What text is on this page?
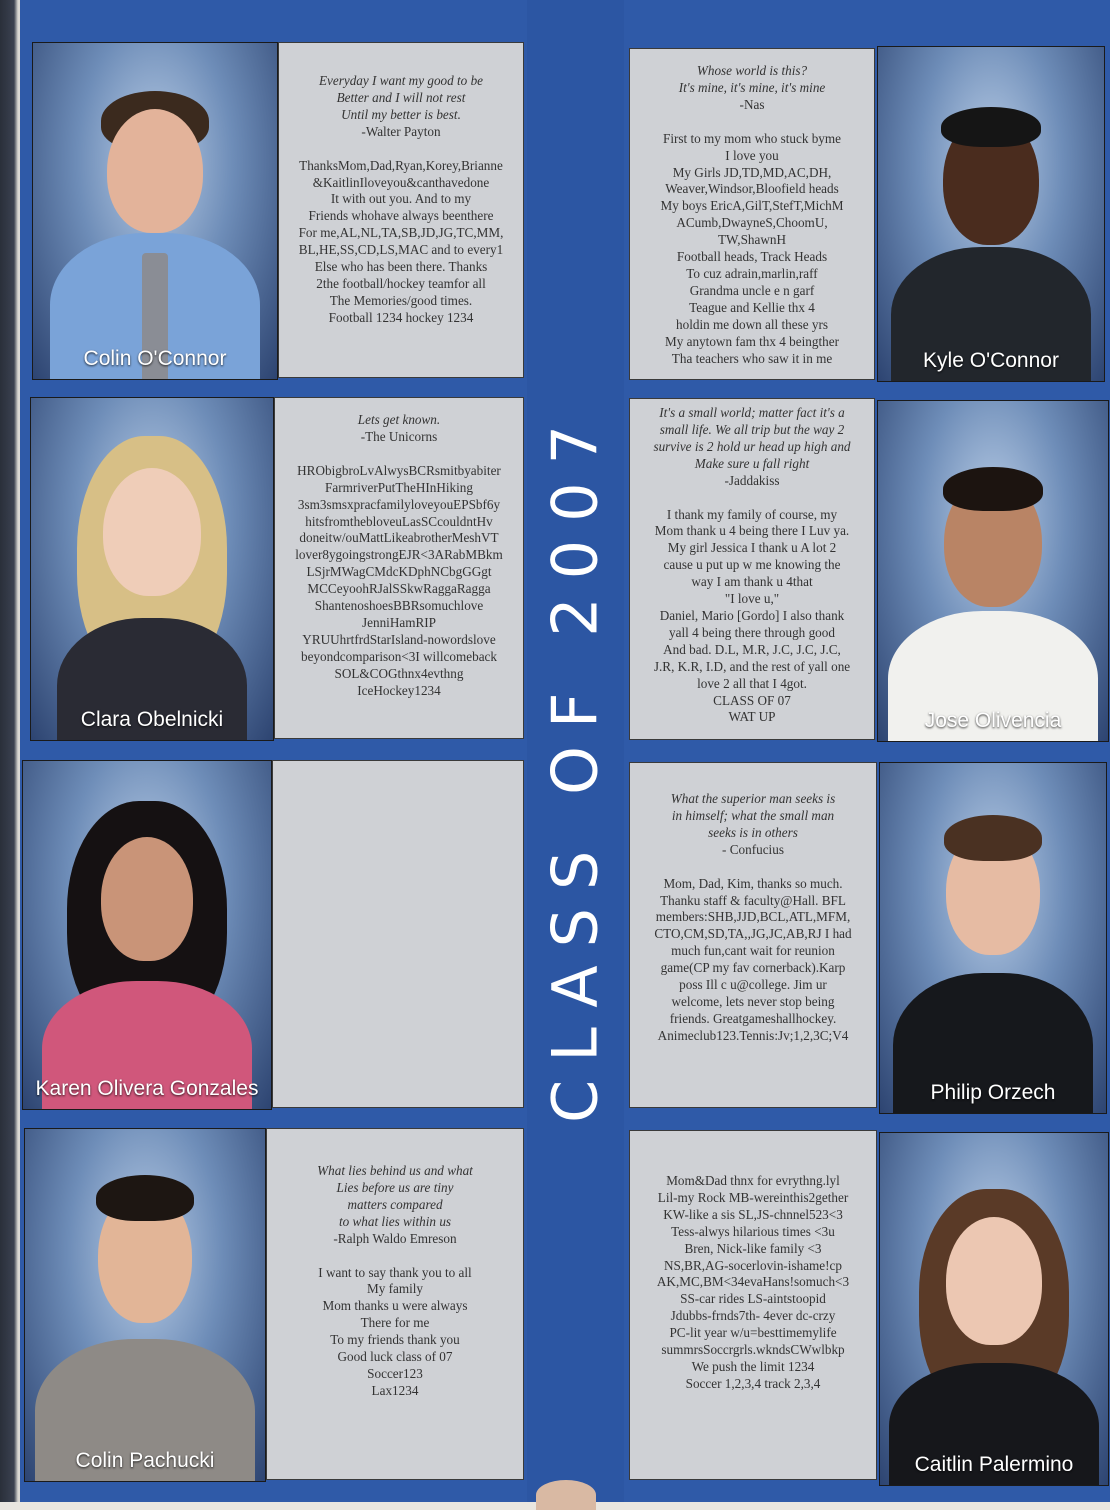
CLASS OF 2007
Colin O'Connor
Everyday I want my good to be
Better and I will not rest
Until my better is best.
-Walter Payton
ThanksMom,Dad,Ryan,Korey,Brianne
&KaitlinIloveyou&canthavedone
It with out you. And to my
Friends whohave always beenthere
For me,AL,NL,TA,SB,JD,JG,TC,MM,
BL,HE,SS,CD,LS,MAC and to every1
Else who has been there. Thanks
2the football/hockey teamfor all
The Memories/good times.
Football 1234 hockey 1234
Whose world is this?
It's mine, it's mine, it's mine
-Nas
First to my mom who stuck byme
I love you
My Girls JD,TD,MD,AC,DH,
Weaver,Windsor,Bloofield heads
My boys EricA,GilT,StefT,MichM
ACumb,DwayneS,ChoomU,
TW,ShawnH
Football heads, Track Heads
To cuz adrain,marlin,raff
Grandma uncle e n garf
Teague and Kellie thx 4
holdin me down all these yrs
My anytown fam thx 4 beingther
Tha teachers who saw it in me	Kyle O'Connor
Clara Obelnicki
Lets get known.
-The Unicorns
HRObigbroLvAlwysBCRsmitbyabiter
FarmriverPutTheHInHiking
3sm3smsxpracfamilyloveyouEPSbf6y
hitsfromthebloveuLasSCcouldntHv
doneitw/ouMattLikeabrotherMeshVT
lover8ygoingstrongEJR<3ARabMBkm
LSjrMWagCMdcKDphNCbgGGgt
MCCeyoohRJalSSkwRaggaRagga
ShantenoshoesBBRsomuchlove
JenniHamRIP
YRUUhrtfrdStarIsland-nowordslove
beyondcomparison<3I willcomeback
SOL&COGthnx4evthng
IceHockey1234
It's a small world; matter fact it's a
small life. We all trip but the way 2
survive is 2 hold ur head up high and
Make sure u fall right
-Jaddakiss
I thank my family of course, my
Mom thank u 4 being there I Luv ya.
My girl Jessica I thank u A lot 2
cause u put up w me knowing the
way I am thank u 4that
"I love u,"
Daniel, Mario [Gordo] I also thank
yall 4 being there through good
And bad. D.L, M.R, J.C, J.C, J.C,
J.R, K.R, I.D, and the rest of yall one
love 2 all that I 4got.
CLASS OF 07
WAT UP	Jose Olivencia
Karen Olivera Gonzales
What the superior man seeks is
in himself; what the small man
seeks is in others
- Confucius
Mom, Dad, Kim, thanks so much.
Thanku staff & faculty@Hall. BFL
members:SHB,JJD,BCL,ATL,MFM,
CTO,CM,SD,TA,,JG,JC,AB,RJ I had
much fun,cant wait for reunion
game(CP my fav cornerback).Karp
poss Ill c u@college. Jim ur
welcome, lets never stop being
friends. Greatgameshallhockey.
Animeclub123.Tennis:Jv;1,2,3C;V4
Philip Orzech
Colin Pachucki
What lies behind us and what
Lies before us are tiny
matters compared
to what lies within us
-Ralph Waldo Emreson
I want to say thank you to all
My family
Mom thanks u were always
There for me
To my friends thank you
Good luck class of 07
Soccer123
Lax1234
Mom&Dad thnx for evrythng.lyl
Lil-my Rock MB-wereinthis2gether
KW-like a sis SL,JS-chnnel523<3
Tess-alwys hilarious times <3u
Bren, Nick-like family <3
NS,BR,AG-socerlovin-ishame!cp
AK,MC,BM<34evaHans!somuch<3
SS-car rides LS-aintstoopid
Jdubbs-frnds7th- 4ever dc-crzy
PC-lit year w/u=besttimemylife
summrsSoccrgrls.wkndsCWwlbkp
We push the limit 1234
Soccer 1,2,3,4 track 2,3,4
Caitlin Palermino
